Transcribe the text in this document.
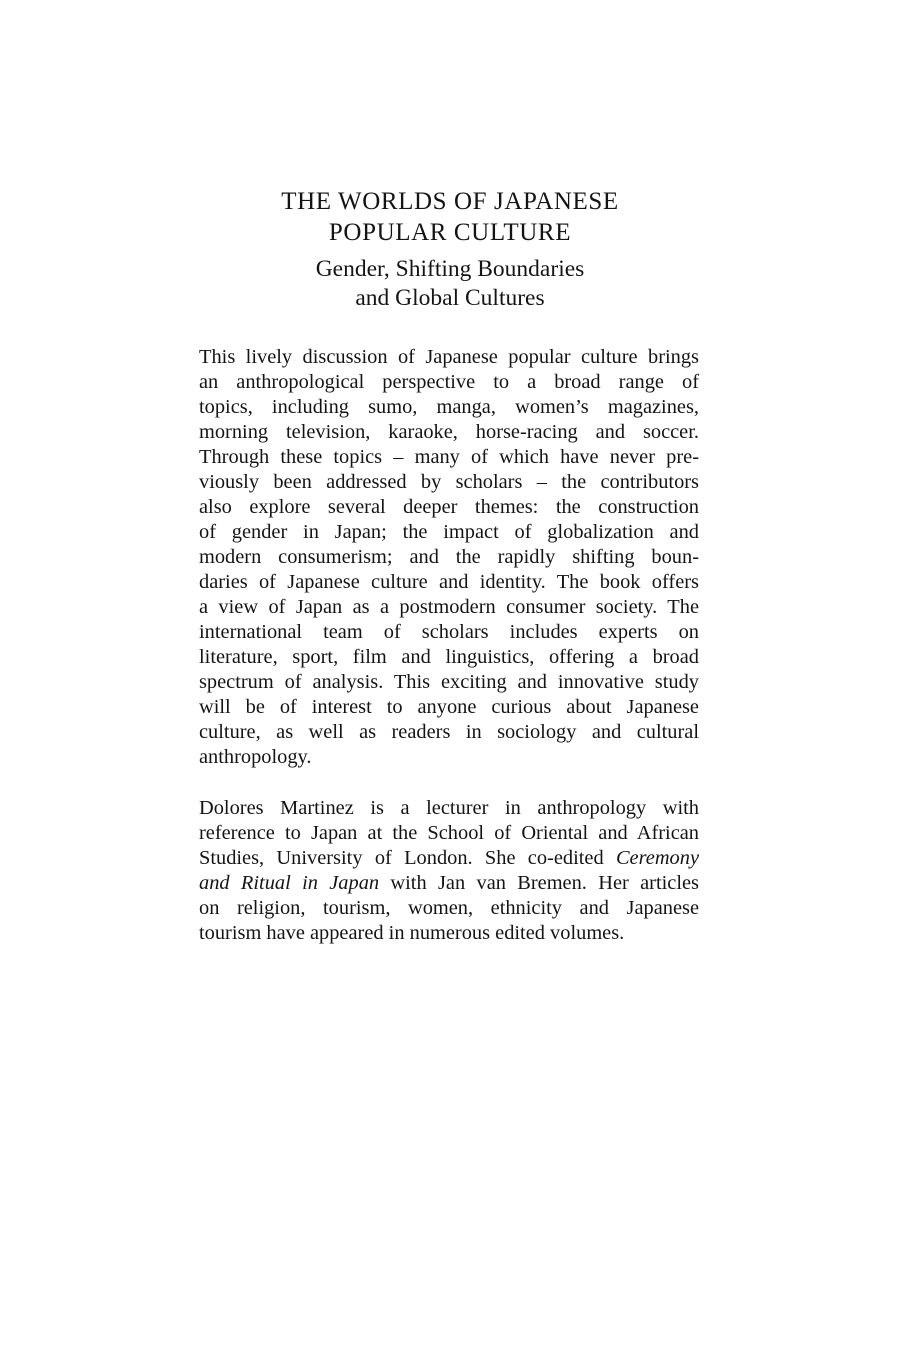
THE WORLDS OF JAPANESE
POPULAR CULTURE
Gender, Shifting Boundaries
and Global Cultures
This lively discussion of Japanese popular culture brings
an anthropological perspective to a broad range of
topics, including sumo, manga, women’s magazines,
morning television, karaoke, horse-racing and soccer.
Through these topics – many of which have never pre-
viously been addressed by scholars – the contributors
also explore several deeper themes: the construction
of gender in Japan; the impact of globalization and
modern consumerism; and the rapidly shifting boun-
daries of Japanese culture and identity. The book offers
a view of Japan as a postmodern consumer society. The
international team of scholars includes experts on
literature, sport, film and linguistics, offering a broad
spectrum of analysis. This exciting and innovative study
will be of interest to anyone curious about Japanese
culture, as well as readers in sociology and cultural
anthropology.
Dolores Martinez is a lecturer in anthropology with
reference to Japan at the School of Oriental and African
Studies, University of London. She co-edited Ceremony
and Ritual in Japan with Jan van Bremen. Her articles
on religion, tourism, women, ethnicity and Japanese
tourism have appeared in numerous edited volumes.
